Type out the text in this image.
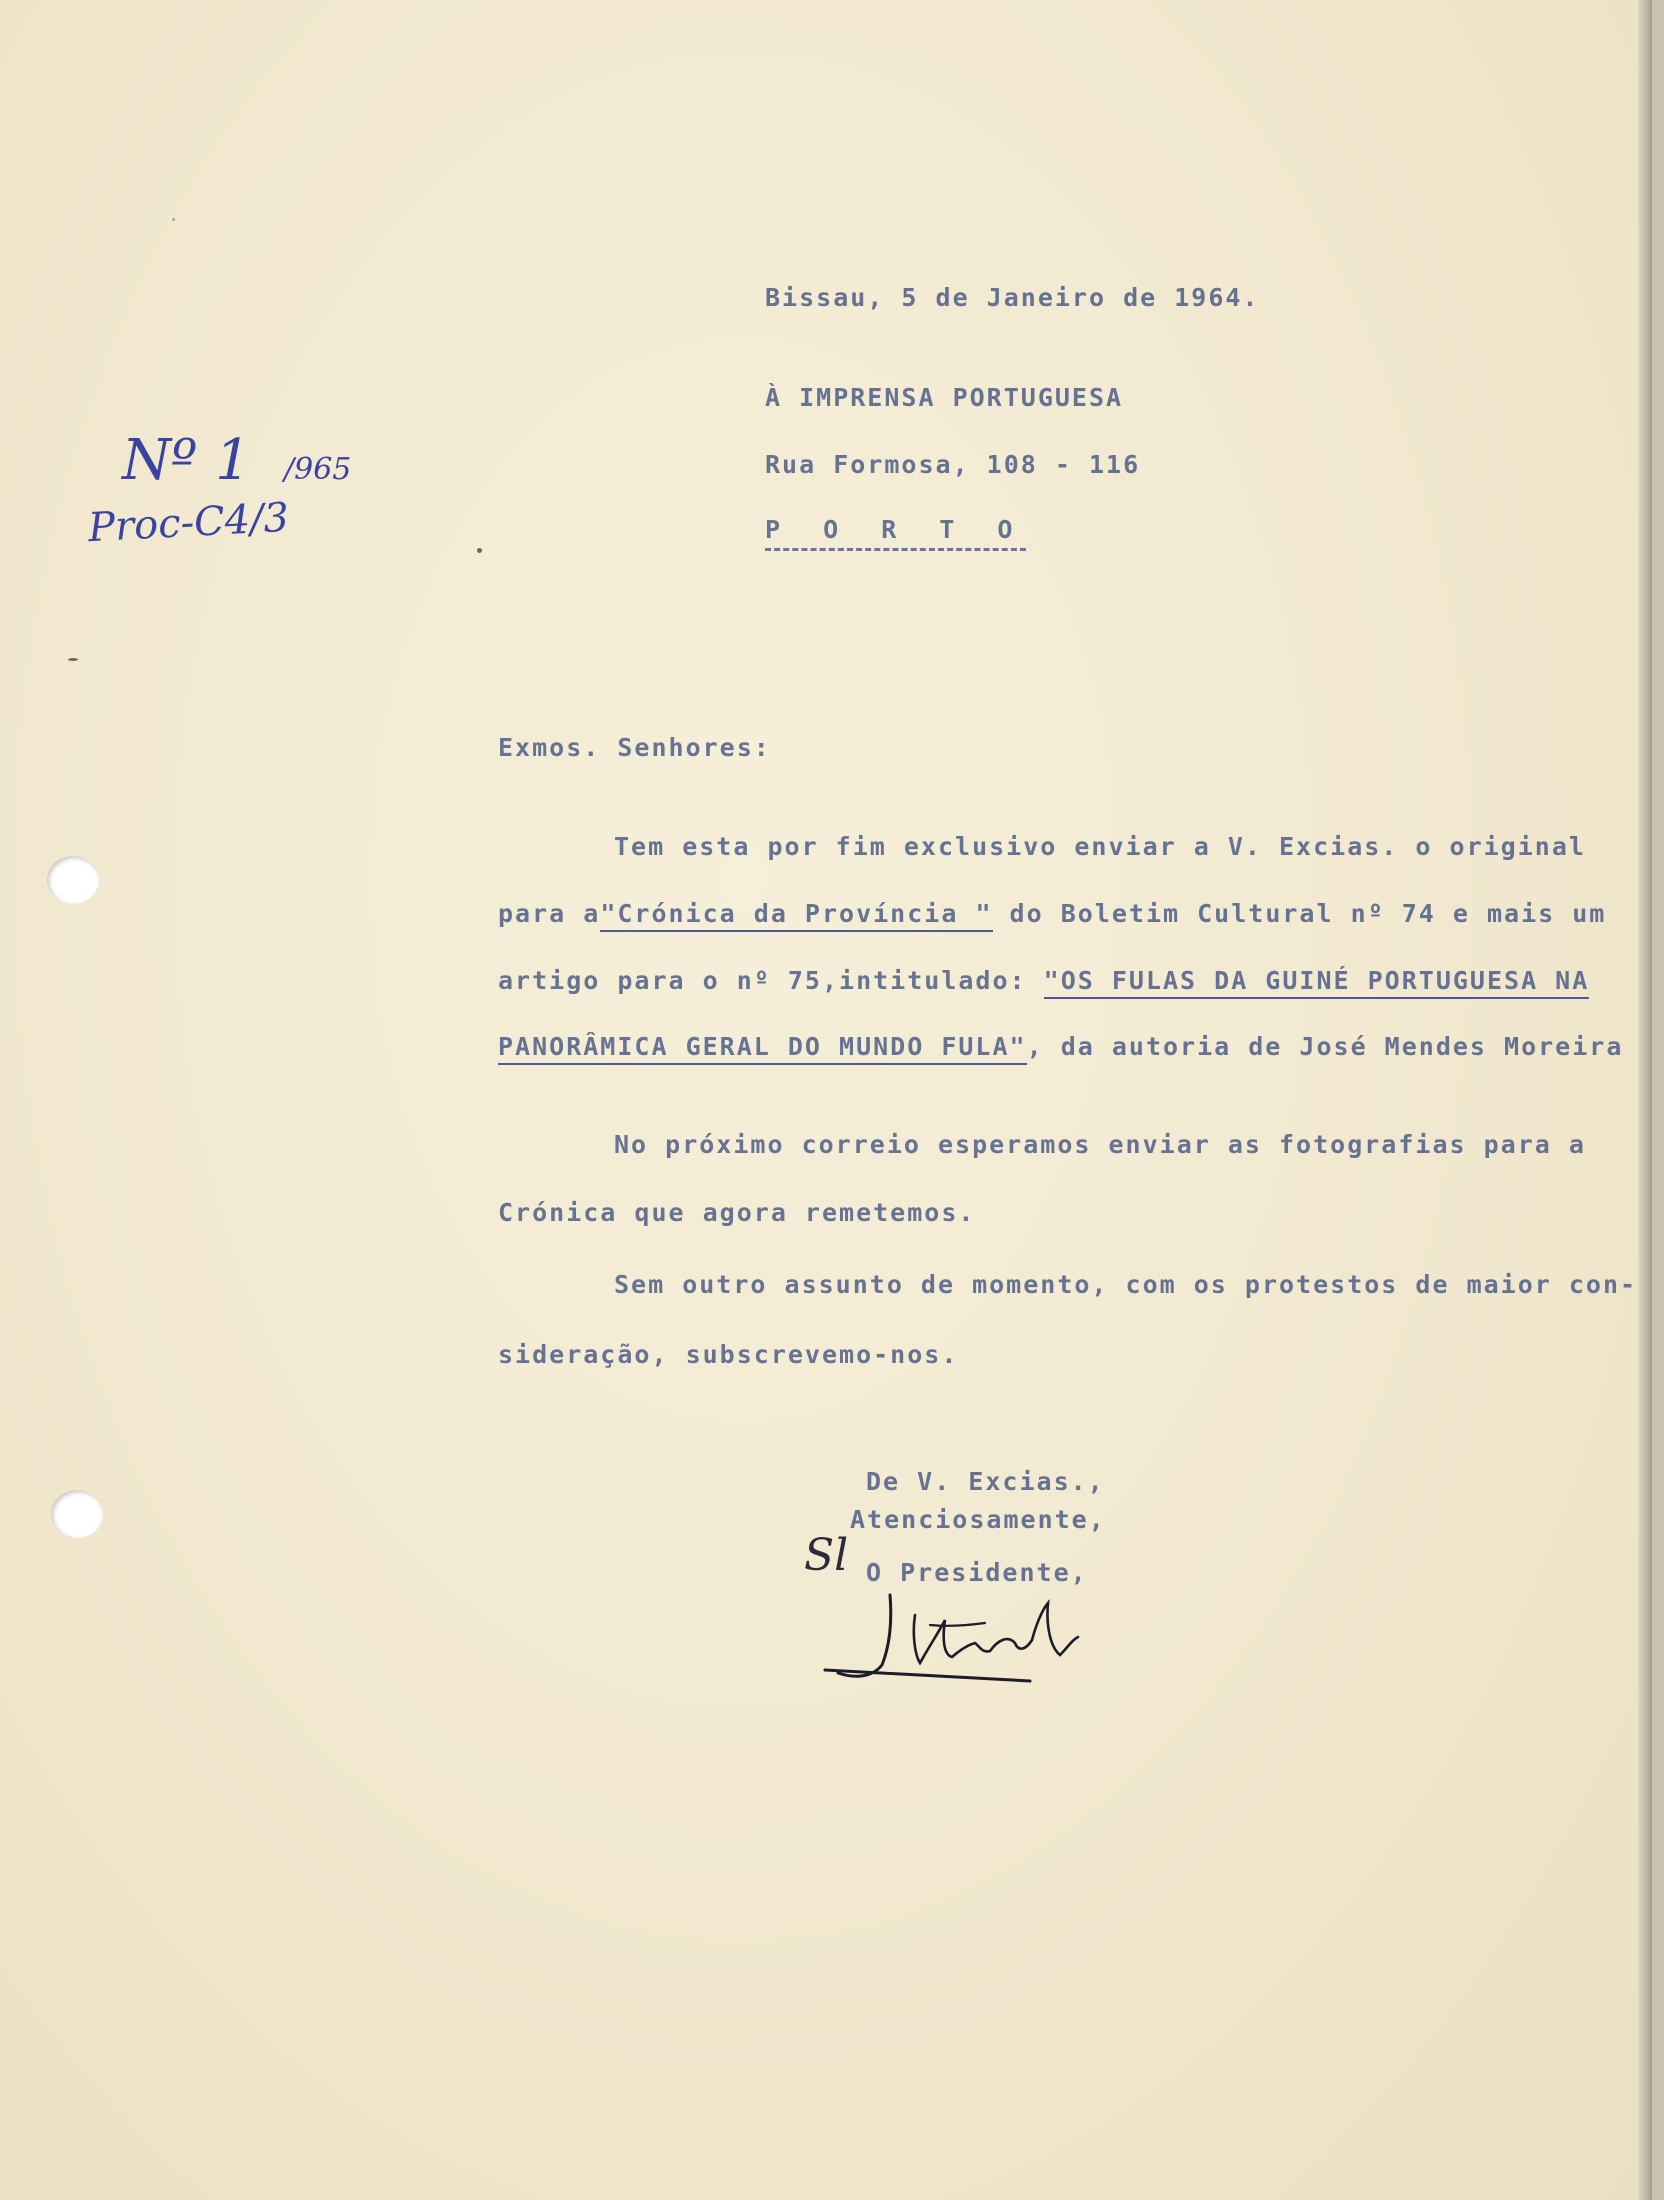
Nº 1 /965
Proc-C4/3
Bissau, 5 de Janeiro de 1964.
À IMPRENSA PORTUGUESA
Rua Formosa, 108 - 116
P O R T O
Exmos. Senhores:
Tem esta por fim exclusivo enviar a V. Excias. o original
para a"Crónica da Província " do Boletim Cultural nº 74 e mais um
artigo para o nº 75,intitulado: "OS FULAS DA GUINÉ PORTUGUESA NA
PANORÂMICA GERAL DO MUNDO FULA", da autoria de José Mendes Moreira
No próximo correio esperamos enviar as fotografias para a
Crónica que agora remetemos.
Sem outro assunto de momento, com os protestos de maior con-
sideração, subscrevemo-nos.
De V. Excias.,
Atenciosamente,
O Presidente,
Sl
